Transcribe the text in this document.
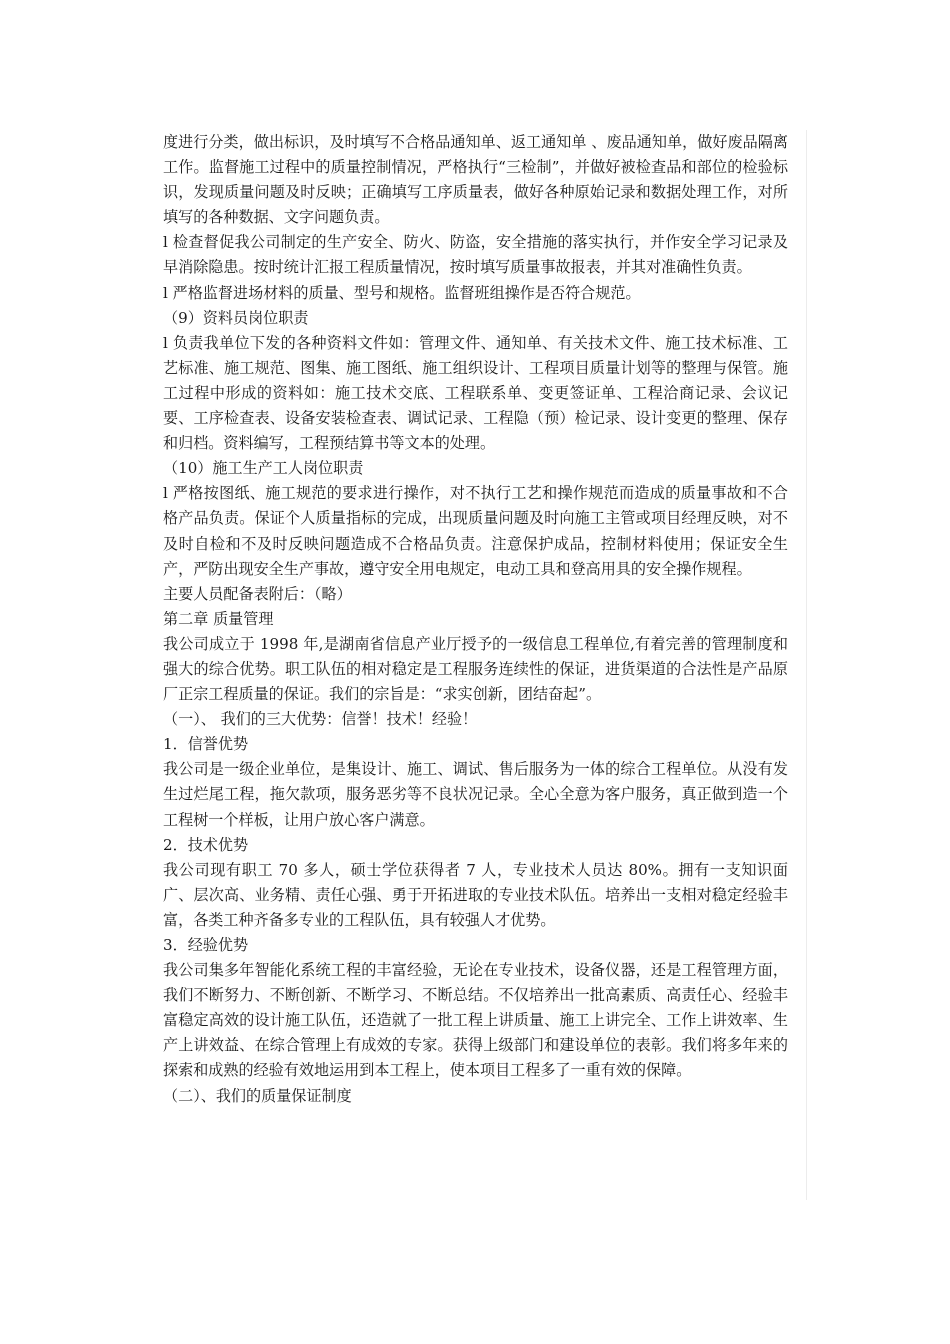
度进行分类，做出标识，及时填写不合格品通知单、返工通知单 、废品通知单，做好废品隔离工作。监督施工过程中的质量控制情况，严格执行“三检制”，并做好被检查品和部位的检验标识，发现质量问题及时反映；正确填写工序质量表，做好各种原始记录和数据处理工作，对所填写的各种数据、文字问题负责。

l 检查督促我公司制定的生产安全、防火、防盗，安全措施的落实执行，并作安全学习记录及早消除隐患。按时统计汇报工程质量情况，按时填写质量事故报表，并其对准确性负责。

l 严格监督进场材料的质量、型号和规格。监督班组操作是否符合规范。

（9）资料员岗位职责

l 负责我单位下发的各种资料文件如：管理文件、通知单、有关技术文件、施工技术标准、工艺标准、施工规范、图集、施工图纸、施工组织设计、工程项目质量计划等的整理与保管。施工过程中形成的资料如：施工技术交底、工程联系单、变更签证单、工程洽商记录、会议记要、工序检查表、设备安装检查表、调试记录、工程隐（预）检记录、设计变更的整理、保存和归档。资料编写，工程预结算书等文本的处理。

（10）施工生产工人岗位职责

l 严格按图纸、施工规范的要求进行操作，对不执行工艺和操作规范而造成的质量事故和不合格产品负责。保证个人质量指标的完成，出现质量问题及时向施工主管或项目经理反映，对不及时自检和不及时反映问题造成不合格品负责。注意保护成品，控制材料使用；保证安全生产，严防出现安全生产事故，遵守安全用电规定，电动工具和登高用具的安全操作规程。

主要人员配备表附后：（略）

第二章 质量管理

我公司成立于 1998 年,是湖南省信息产业厅授予的一级信息工程单位,有着完善的管理制度和强大的综合优势。职工队伍的相对稳定是工程服务连续性的保证，进货渠道的合法性是产品原厂正宗工程质量的保证。我们的宗旨是：“求实创新，团结奋起”。

（一）、 我们的三大优势：信誉！技术！经验！

1．信誉优势

我公司是一级企业单位，是集设计、施工、调试、售后服务为一体的综合工程单位。从没有发生过烂尾工程，拖欠款项，服务恶劣等不良状况记录。全心全意为客户服务，真正做到造一个工程树一个样板，让用户放心客户满意。

2．技术优势

我公司现有职工 70 多人，硕士学位获得者 7 人，专业技术人员达 80%。拥有一支知识面广、层次高、业务精、责任心强、勇于开拓进取的专业技术队伍。培养出一支相对稳定经验丰富，各类工种齐备多专业的工程队伍，具有较强人才优势。

3．经验优势

我公司集多年智能化系统工程的丰富经验，无论在专业技术，设备仪器，还是工程管理方面，我们不断努力、不断创新、不断学习、不断总结。不仅培养出一批高素质、高责任心、经验丰富稳定高效的设计施工队伍，还造就了一批工程上讲质量、施工上讲完全、工作上讲效率、生产上讲效益、在综合管理上有成效的专家。获得上级部门和建设单位的表彰。我们将多年来的探索和成熟的经验有效地运用到本工程上，使本项目工程多了一重有效的保障。

（二）、我们的质量保证制度
